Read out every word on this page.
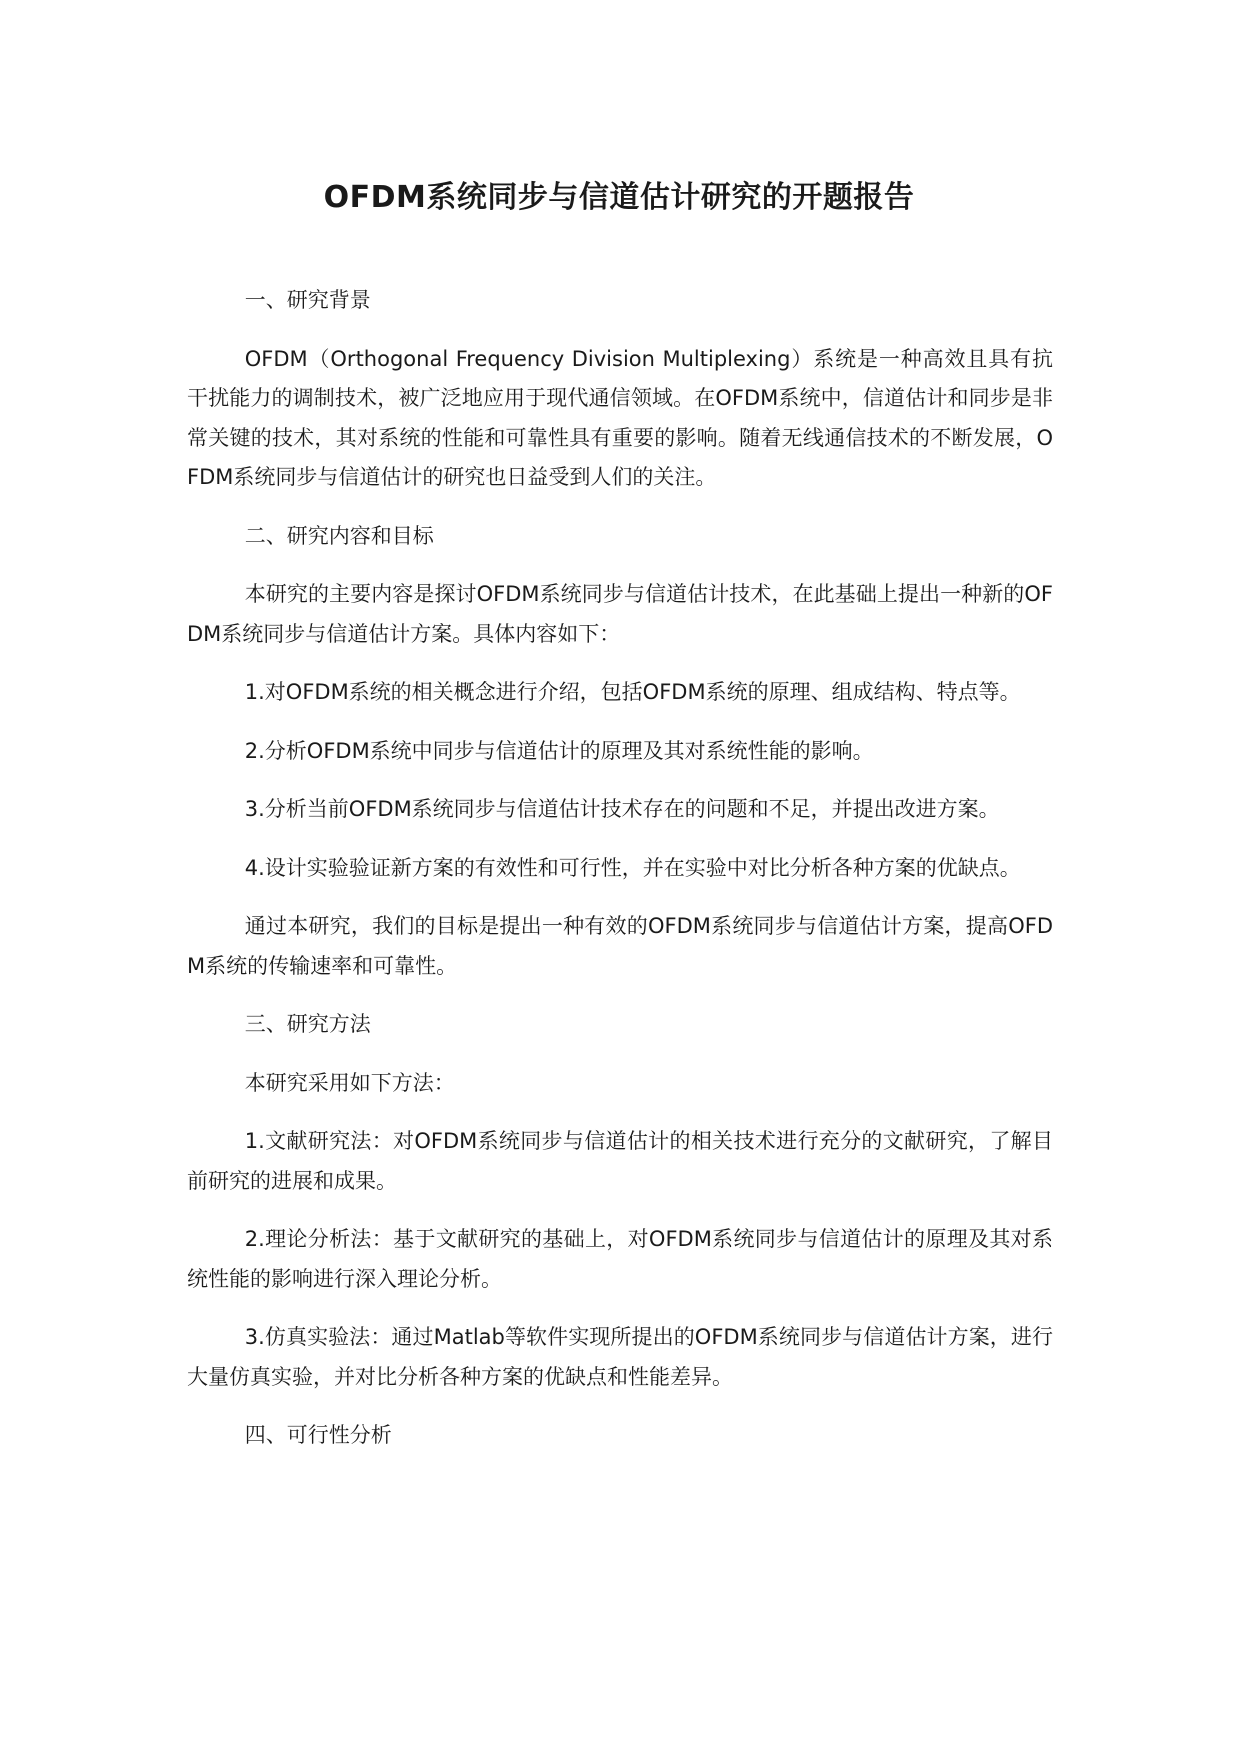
OFDM系统同步与信道估计研究的开题报告

一、研究背景

OFDM（Orthogonal Frequency Division Multiplexing）系统是一种高效且具有抗干扰能力的调制技术，被广泛地应用于现代通信领域。在OFDM系统中，信道估计和同步是非常关键的技术，其对系统的性能和可靠性具有重要的影响。随着无线通信技术的不断发展，OFDM系统同步与信道估计的研究也日益受到人们的关注。

二、研究内容和目标

本研究的主要内容是探讨OFDM系统同步与信道估计技术，在此基础上提出一种新的OFDM系统同步与信道估计方案。具体内容如下：

1.对OFDM系统的相关概念进行介绍，包括OFDM系统的原理、组成结构、特点等。

2.分析OFDM系统中同步与信道估计的原理及其对系统性能的影响。

3.分析当前OFDM系统同步与信道估计技术存在的问题和不足，并提出改进方案。

4.设计实验验证新方案的有效性和可行性，并在实验中对比分析各种方案的优缺点。

通过本研究，我们的目标是提出一种有效的OFDM系统同步与信道估计方案，提高OFDM系统的传输速率和可靠性。

三、研究方法

本研究采用如下方法：

1.文献研究法：对OFDM系统同步与信道估计的相关技术进行充分的文献研究，了解目前研究的进展和成果。

2.理论分析法：基于文献研究的基础上，对OFDM系统同步与信道估计的原理及其对系统性能的影响进行深入理论分析。

3.仿真实验法：通过Matlab等软件实现所提出的OFDM系统同步与信道估计方案，进行大量仿真实验，并对比分析各种方案的优缺点和性能差异。

四、可行性分析
